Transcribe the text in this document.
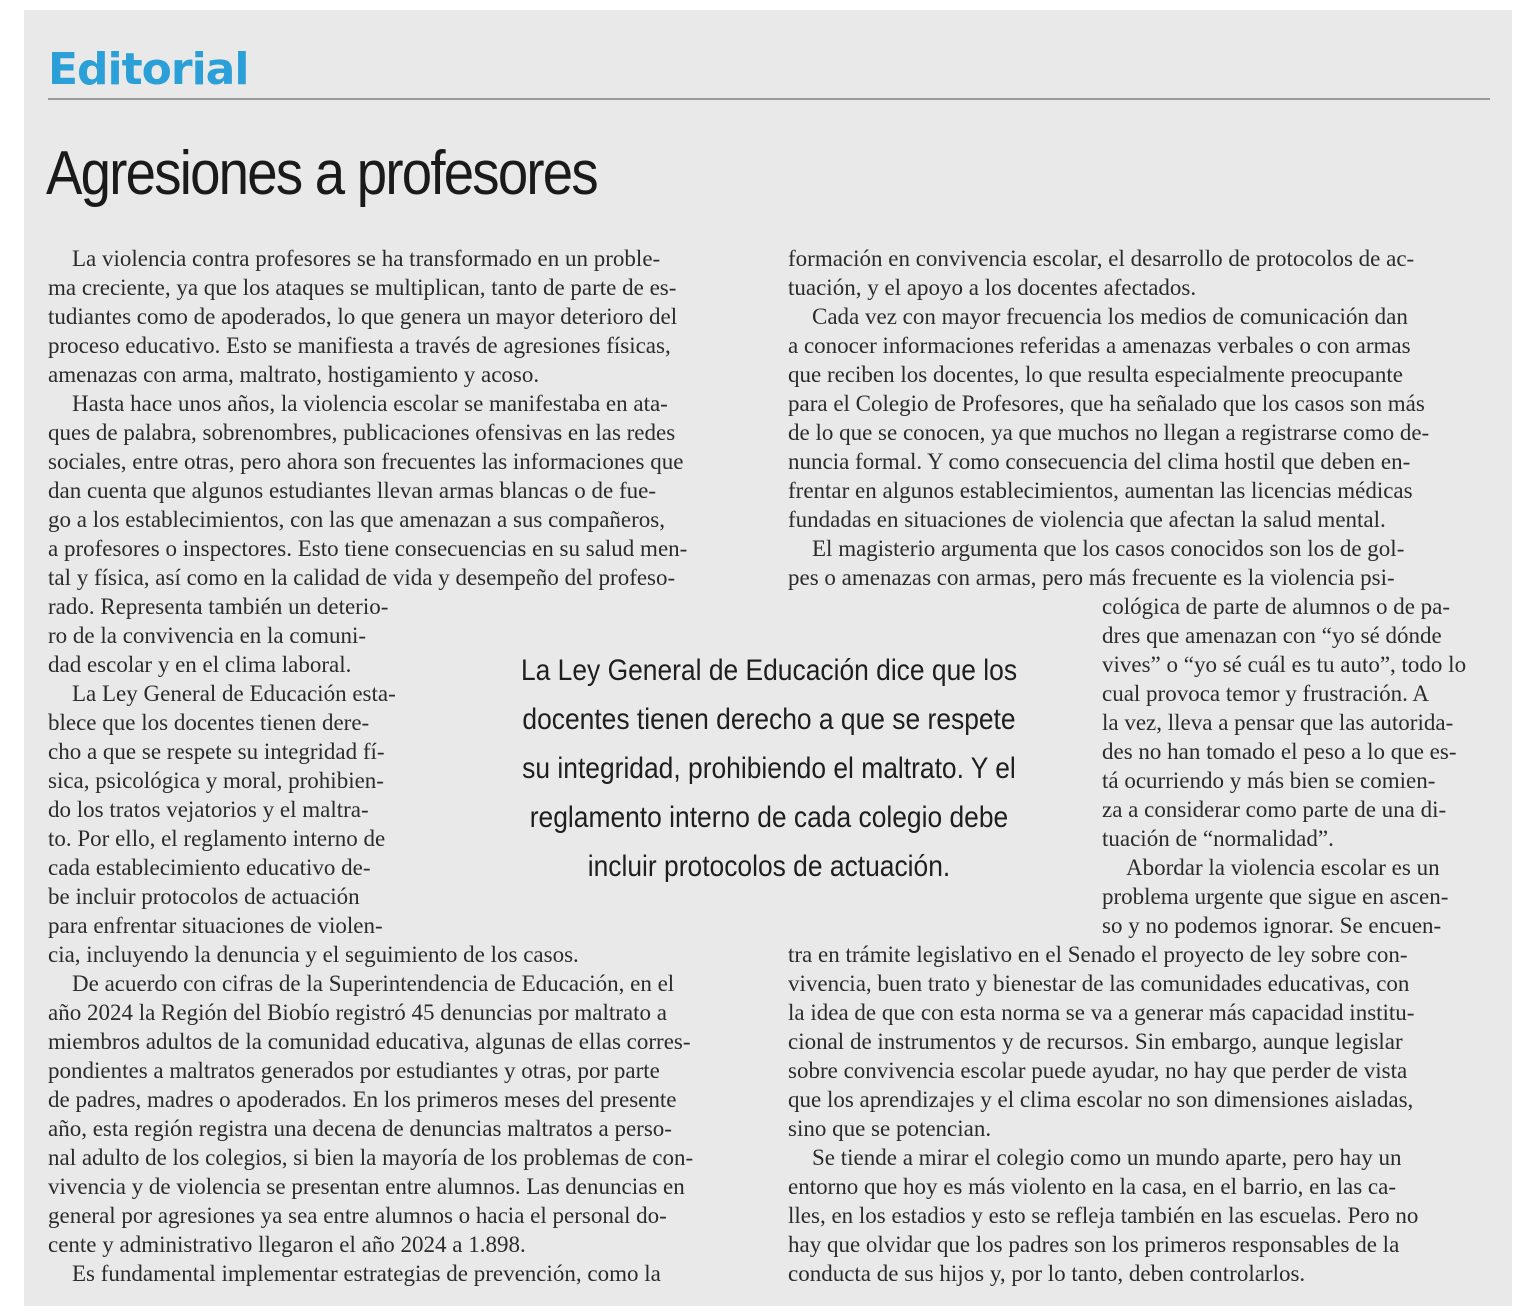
Editorial
Agresiones a profesores
La violencia contra profesores se ha transformado en un proble-
ma creciente, ya que los ataques se multiplican, tanto de parte de es-
tudiantes como de apoderados, lo que genera un mayor deterioro del
proceso educativo. Esto se manifiesta a través de agresiones físicas,
amenazas con arma, maltrato, hostigamiento y acoso.
Hasta hace unos años, la violencia escolar se manifestaba en ata-
ques de palabra, sobrenombres, publicaciones ofensivas en las redes
sociales, entre otras, pero ahora son frecuentes las informaciones que
dan cuenta que algunos estudiantes llevan armas blancas o de fue-
go a los establecimientos, con las que amenazan a sus compañeros,
a profesores o inspectores. Esto tiene consecuencias en su salud men-
tal y física, así como en la calidad de vida y desempeño del profeso-
rado. Representa también un deterio-
ro de la convivencia en la comuni-
dad escolar y en el clima laboral.
La Ley General de Educación esta-
blece que los docentes tienen dere-
cho a que se respete su integridad fí-
sica, psicológica y moral, prohibien-
do los tratos vejatorios y el maltra-
to. Por ello, el reglamento interno de
cada establecimiento educativo de-
be incluir protocolos de actuación
para enfrentar situaciones de violen-
cia, incluyendo la denuncia y el seguimiento de los casos.
De acuerdo con cifras de la Superintendencia de Educación, en el
año 2024 la Región del Biobío registró 45 denuncias por maltrato a
miembros adultos de la comunidad educativa, algunas de ellas corres-
pondientes a maltratos generados por estudiantes y otras, por parte
de padres, madres o apoderados. En los primeros meses del presente
año, esta región registra una decena de denuncias maltratos a perso-
nal adulto de los colegios, si bien la mayoría de los problemas de con-
vivencia y de violencia se presentan entre alumnos. Las denuncias en
general por agresiones ya sea entre alumnos o hacia el personal do-
cente y administrativo llegaron el año 2024 a 1.898.
Es fundamental implementar estrategias de prevención, como la
formación en convivencia escolar, el desarrollo de protocolos de ac-
tuación, y el apoyo a los docentes afectados.
Cada vez con mayor frecuencia los medios de comunicación dan
a conocer informaciones referidas a amenazas verbales o con armas
que reciben los docentes, lo que resulta especialmente preocupante
para el Colegio de Profesores, que ha señalado que los casos son más
de lo que se conocen, ya que muchos no llegan a registrarse como de-
nuncia formal. Y como consecuencia del clima hostil que deben en-
frentar en algunos establecimientos, aumentan las licencias médicas
fundadas en situaciones de violencia que afectan la salud mental.
El magisterio argumenta que los casos conocidos son los de gol-
pes o amenazas con armas, pero más frecuente es la violencia psi-
cológica de parte de alumnos o de pa-
dres que amenazan con “yo sé dónde
vives” o “yo sé cuál es tu auto”, todo lo
cual provoca temor y frustración. A
la vez, lleva a pensar que las autorida-
des no han tomado el peso a lo que es-
tá ocurriendo y más bien se comien-
za a considerar como parte de una di-
tuación de “normalidad”.
Abordar la violencia escolar es un
problema urgente que sigue en ascen-
so y no podemos ignorar. Se encuen-
tra en trámite legislativo en el Senado el proyecto de ley sobre con-
vivencia, buen trato y bienestar de las comunidades educativas, con
la idea de que con esta norma se va a generar más capacidad institu-
cional de instrumentos y de recursos. Sin embargo, aunque legislar
sobre convivencia escolar puede ayudar, no hay que perder de vista
que los aprendizajes y el clima escolar no son dimensiones aisladas,
sino que se potencian.
Se tiende a mirar el colegio como un mundo aparte, pero hay un
entorno que hoy es más violento en la casa, en el barrio, en las ca-
lles, en los estadios y esto se refleja también en las escuelas. Pero no
hay que olvidar que los padres son los primeros responsables de la
conducta de sus hijos y, por lo tanto, deben controlarlos.
La Ley General de Educación dice que los docentes tienen derecho a que se respete su integridad, prohibiendo el maltrato. Y el reglamento interno de cada colegio debe incluir protocolos de actuación.
